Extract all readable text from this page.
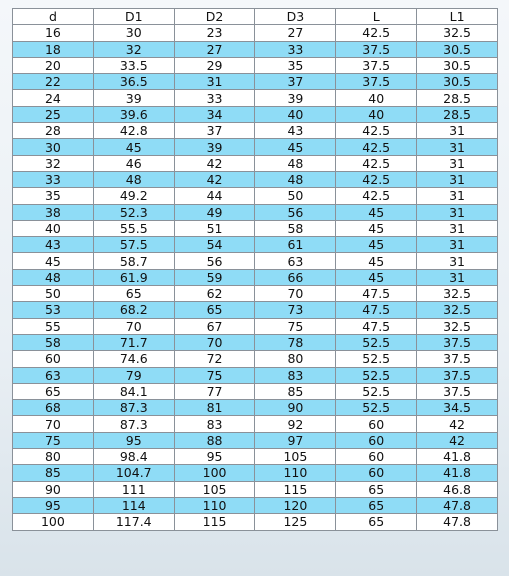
d	D1	D2	D3	L	L1
16	30	23	27	42.5	32.5
18	32	27	33	37.5	30.5
20	33.5	29	35	37.5	30.5
22	36.5	31	37	37.5	30.5
24	39	33	39	40	28.5
25	39.6	34	40	40	28.5
28	42.8	37	43	42.5	31
30	45	39	45	42.5	31
32	46	42	48	42.5	31
33	48	42	48	42.5	31
35	49.2	44	50	42.5	31
38	52.3	49	56	45	31
40	55.5	51	58	45	31
43	57.5	54	61	45	31
45	58.7	56	63	45	31
48	61.9	59	66	45	31
50	65	62	70	47.5	32.5
53	68.2	65	73	47.5	32.5
55	70	67	75	47.5	32.5
58	71.7	70	78	52.5	37.5
60	74.6	72	80	52.5	37.5
63	79	75	83	52.5	37.5
65	84.1	77	85	52.5	37.5
68	87.3	81	90	52.5	34.5
70	87.3	83	92	60	42
75	95	88	97	60	42
80	98.4	95	105	60	41.8
85	104.7	100	110	60	41.8
90	111	105	115	65	46.8
95	114	110	120	65	47.8
100	117.4	115	125	65	47.8
